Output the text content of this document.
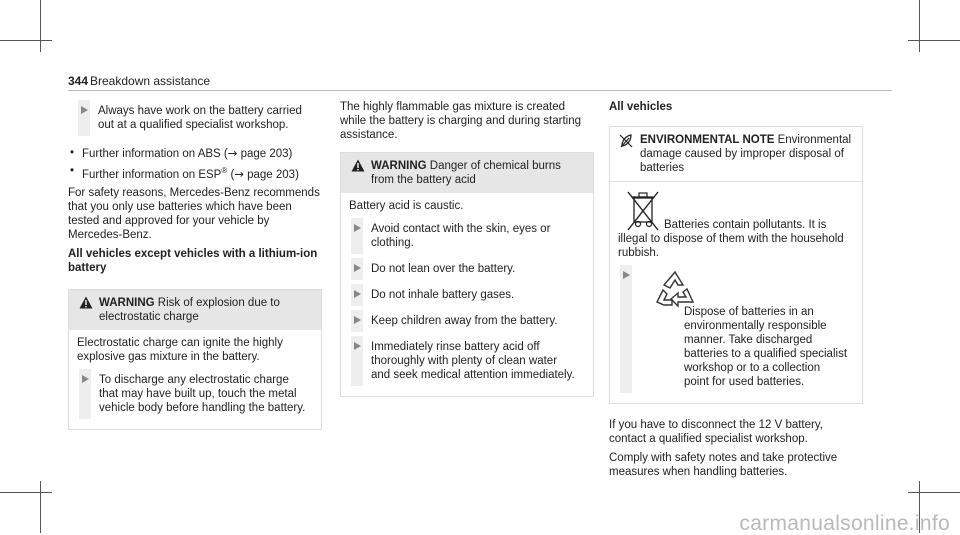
344 Breakdown assistance
Always have work on the battery carried out at a qualified specialist workshop.
• Further information on ABS (→ page 203)
• Further information on ESP® (→ page 203)

For safety reasons, Mercedes-Benz recommends that you only use batteries which have been tested and approved for your vehicle by Mercedes-Benz.

All vehicles except vehicles with a lithium-ion battery

WARNING Risk of explosion due to electrostatic charge

Electrostatic charge can ignite the highly explosive gas mixture in the battery.

To discharge any electrostatic charge that may have built up, touch the metal vehicle body before handling the battery.

The highly flammable gas mixture is created while the battery is charging and during starting assistance.

WARNING Danger of chemical burns from the battery acid

Battery acid is caustic.

Avoid contact with the skin, eyes or clothing.
Do not lean over the battery.
Do not inhale battery gases.
Keep children away from the battery.
Immediately rinse battery acid off thoroughly with plenty of clean water and seek medical attention immediately.

All vehicles

ENVIRONMENTAL NOTE Environmental damage caused by improper disposal of batteries

Batteries contain pollutants. It is illegal to dispose of them with the household rubbish.

Dispose of batteries in an environmentally responsible manner. Take discharged batteries to a qualified specialist workshop or to a collection point for used batteries.

If you have to disconnect the 12 V battery, contact a qualified specialist workshop.

Comply with safety notes and take protective measures when handling batteries.

carmanualsonline.info
